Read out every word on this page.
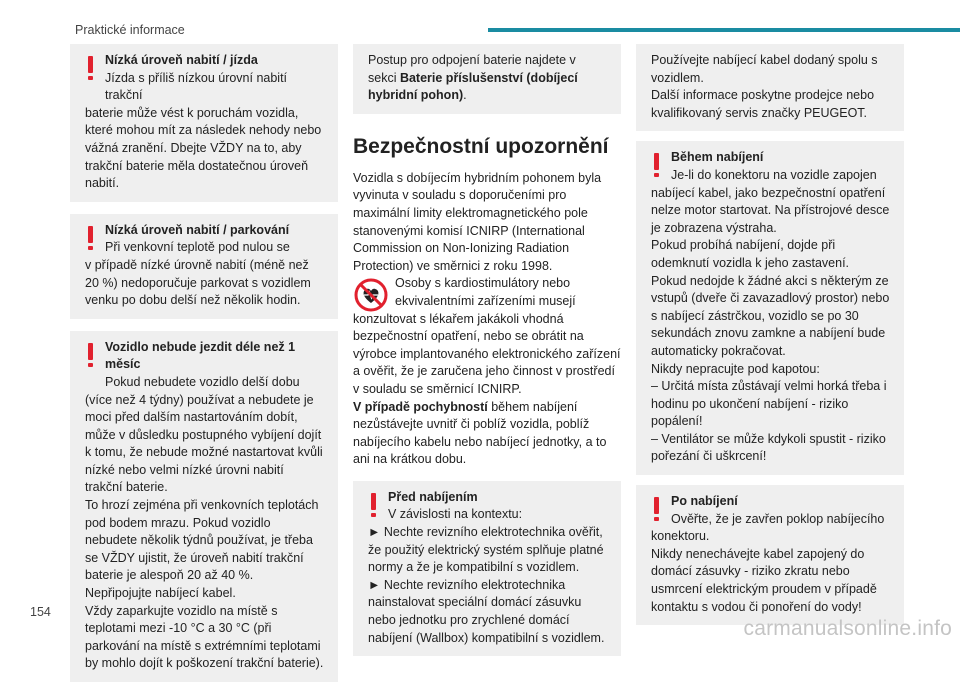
Praktické informace
Nízká úroveň nabití / jízda
Jízda s příliš nízkou úrovní nabití trakční

baterie může vést k poruchám vozidla, které mohou mít za následek nehody nebo vážná zranění. Dbejte VŽDY na to, aby trakční baterie měla dostatečnou úroveň nabití.

Nízká úroveň nabití / parkování
Při venkovní teplotě pod nulou se

v případě nízké úrovně nabití (méně než 20 %) nedoporučuje parkovat s vozidlem venku po dobu delší než několik hodin.

Vozidlo nebude jezdit déle než 1 měsíc
Pokud nebudete vozidlo delší dobu

(více než 4 týdny) používat a nebudete je moci před dalším nastartováním dobít, může v důsledku postupného vybíjení dojít k tomu, že nebude možné nastartovat kvůli nízké nebo velmi nízké úrovni nabití trakční baterie.

To hrozí zejména při venkovních teplotách pod bodem mrazu. Pokud vozidlo nebudete několik týdnů používat, je třeba se VŽDY ujistit, že úroveň nabití trakční baterie je alespoň 20 až 40 %.

Nepřipojujte nabíjecí kabel.

Vždy zaparkujte vozidlo na místě s teplotami mezi -10 °C a 30 °C (při parkování na místě s extrémními teplotami by mohlo dojít k poškození trakční baterie).

Postup pro odpojení baterie najdete v sekci Baterie příslušenství (dobíjecí hybridní pohon).

Bezpečnostní upozornění

Vozidla s dobíjecím hybridním pohonem byla vyvinuta v souladu s doporučeními pro maximální limity elektromagnetického pole stanovenými komisí ICNIRP (International Commission on Non-Ionizing Radiation Protection) ve směrnici z roku 1998.

Osoby s kardiostimulátory nebo ekvivalentními zařízeními musejí

konzultovat s lékařem jakákoli vhodná bezpečnostní opatření, nebo se obrátit na výrobce implantovaného elektronického zařízení a ověřit, že je zaručena jeho činnost v prostředí v souladu se směrnicí ICNIRP.

V případě pochybností během nabíjení nezůstávejte uvnitř či poblíž vozidla, poblíž nabíjecího kabelu nebo nabíjecí jednotky, a to ani na krátkou dobu.

Před nabíjením
V závislosti na kontextu:

► Nechte revizního elektrotechnika ověřit, že použitý elektrický systém splňuje platné normy a že je kompatibilní s vozidlem.

► Nechte revizního elektrotechnika nainstalovat speciální domácí zásuvku nebo jednotku pro zrychlené domácí nabíjení (Wallbox) kompatibilní s vozidlem.

Používejte nabíjecí kabel dodaný spolu s vozidlem.

Další informace poskytne prodejce nebo kvalifikovaný servis značky PEUGEOT.

Během nabíjení
Je-li do konektoru na vozidle zapojen

nabíjecí kabel, jako bezpečnostní opatření nelze motor startovat. Na přístrojové desce je zobrazena výstraha.

Pokud probíhá nabíjení, dojde při odemknutí vozidla k jeho zastavení.

Pokud nedojde k žádné akci s některým ze vstupů (dveře či zavazadlový prostor) nebo s nabíjecí zástrčkou, vozidlo se po 30 sekundách znovu zamkne a nabíjení bude automaticky pokračovat.

Nikdy nepracujte pod kapotou:

– Určitá místa zůstávají velmi horká třeba i hodinu po ukončení nabíjení - riziko popálení!

– Ventilátor se může kdykoli spustit - riziko pořezání či uškrcení!

Po nabíjení
Ověřte, že je zavřen poklop nabíjecího

konektoru.

Nikdy nenechávejte kabel zapojený do domácí zásuvky - riziko zkratu nebo usmrcení elektrickým proudem v případě kontaktu s vodou či ponoření do vody!

154
carmanualsonline.info
